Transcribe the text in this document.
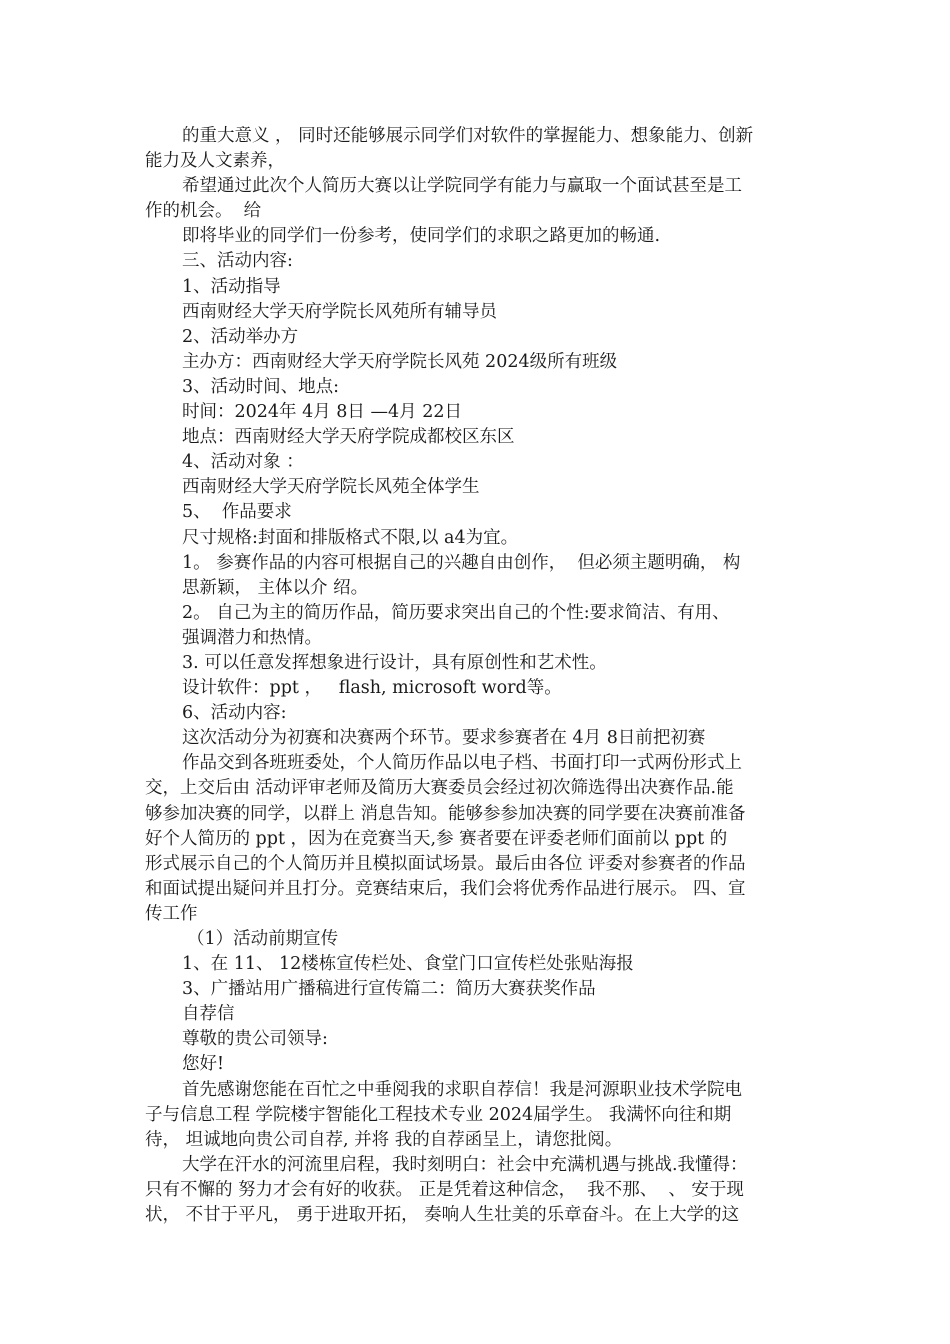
的重大意义 ， 同时还能够展示同学们对软件的掌握能力、想象能力、创新
能力及人文素养，
希望通过此次个人简历大赛以让学院同学有能力与赢取一个面试甚至是工
作的机会。  给
即将毕业的同学们一份参考，使同学们的求职之路更加的畅通.
三、活动内容:
1、活动指导
西南财经大学天府学院长风苑所有辅导员
2、活动举办方
主办方：西南财经大学天府学院长风苑 2024级所有班级
3、活动时间、地点:
时间：2024年 4月 8日 —4月 22日
地点：西南财经大学天府学院成都校区东区
4、活动对象 ：
西南财经大学天府学院长风苑全体学生
5、  作品要求
尺寸规格:封面和排版格式不限,以 a4为宜。
1。 参赛作品的内容可根据自己的兴趣自由创作，  但必须主题明确， 构
思新颖， 主体以介 绍。
2。 自己为主的简历作品，简历要求突出自己的个性:要求简洁、有用、
强调潜力和热情。
3. 可以任意发挥想象进行设计，具有原创性和艺术性。
设计软件：ppt ，   flash, microsoft word等。
6、活动内容:
这次活动分为初赛和决赛两个环节。要求参赛者在 4月 8日前把初赛
作品交到各班班委处，个人简历作品以电子档、书面打印一式两份形式上
交，上交后由 活动评审老师及简历大赛委员会经过初次筛选得出决赛作品.能
够参加决赛的同学，以群上 消息告知。能够参参加决赛的同学要在决赛前准备
好个人简历的 ppt ，因为在竞赛当天,参 赛者要在评委老师们面前以 ppt 的
形式展示自己的个人简历并且模拟面试场景。最后由各位 评委对参赛者的作品
和面试提出疑问并且打分。竞赛结束后，我们会将优秀作品进行展示。 四、宣
传工作
（1）活动前期宣传
1、在 11、 12楼栋宣传栏处、食堂门口宣传栏处张贴海报
3、广播站用广播稿进行宣传篇二：简历大赛获奖作品
自荐信
尊敬的贵公司领导:
您好!
首先感谢您能在百忙之中垂阅我的求职自荐信！我是河源职业技术学院电
子与信息工程 学院楼宇智能化工程技术专业 2024届学生。 我满怀向往和期
待， 坦诚地向贵公司自荐, 并将 我的自荐函呈上，请您批阅。
大学在汗水的河流里启程，我时刻明白：社会中充满机遇与挑战.我懂得：
只有不懈的 努力才会有好的收获。 正是凭着这种信念，  我不那、  、 安于现
状， 不甘于平凡， 勇于进取开拓， 奏响人生壮美的乐章奋斗。在上大学的这
